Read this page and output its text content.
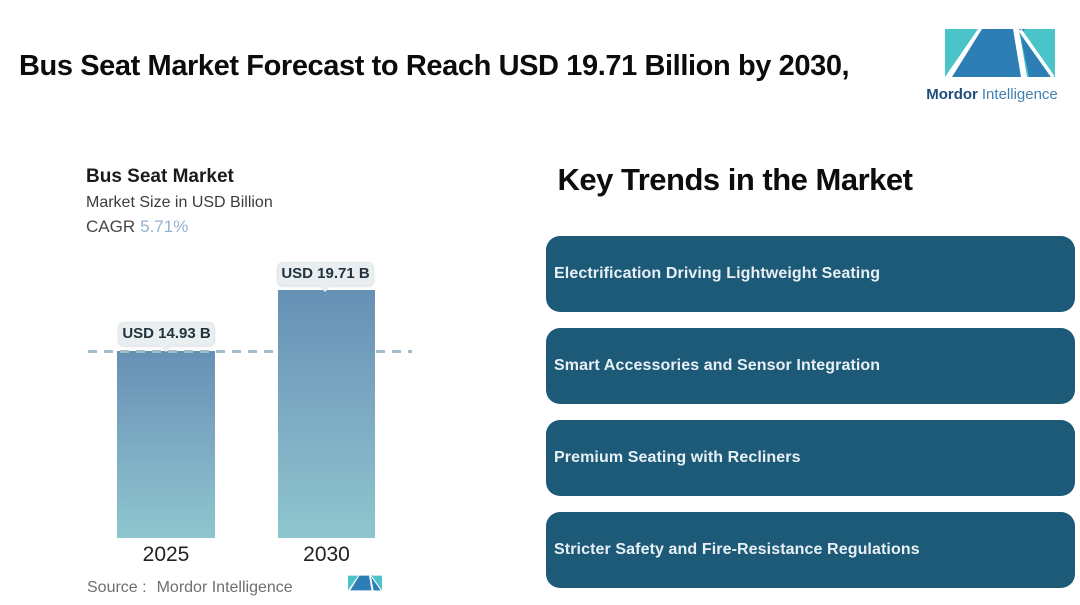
Bus Seat Market Forecast to Reach USD 19.71 Billion by 2030,
Mordor Intelligence
Bus Seat Market
Market Size in USD Billion
CAGR 5.71%
USD 14.93 B
USD 19.71 B
2025	2030
Source : Mordor Intelligence
Key Trends in the Market
Electrification Driving Lightweight Seating
Smart Accessories and Sensor Integration
Premium Seating with Recliners
Stricter Safety and Fire-Resistance Regulations
